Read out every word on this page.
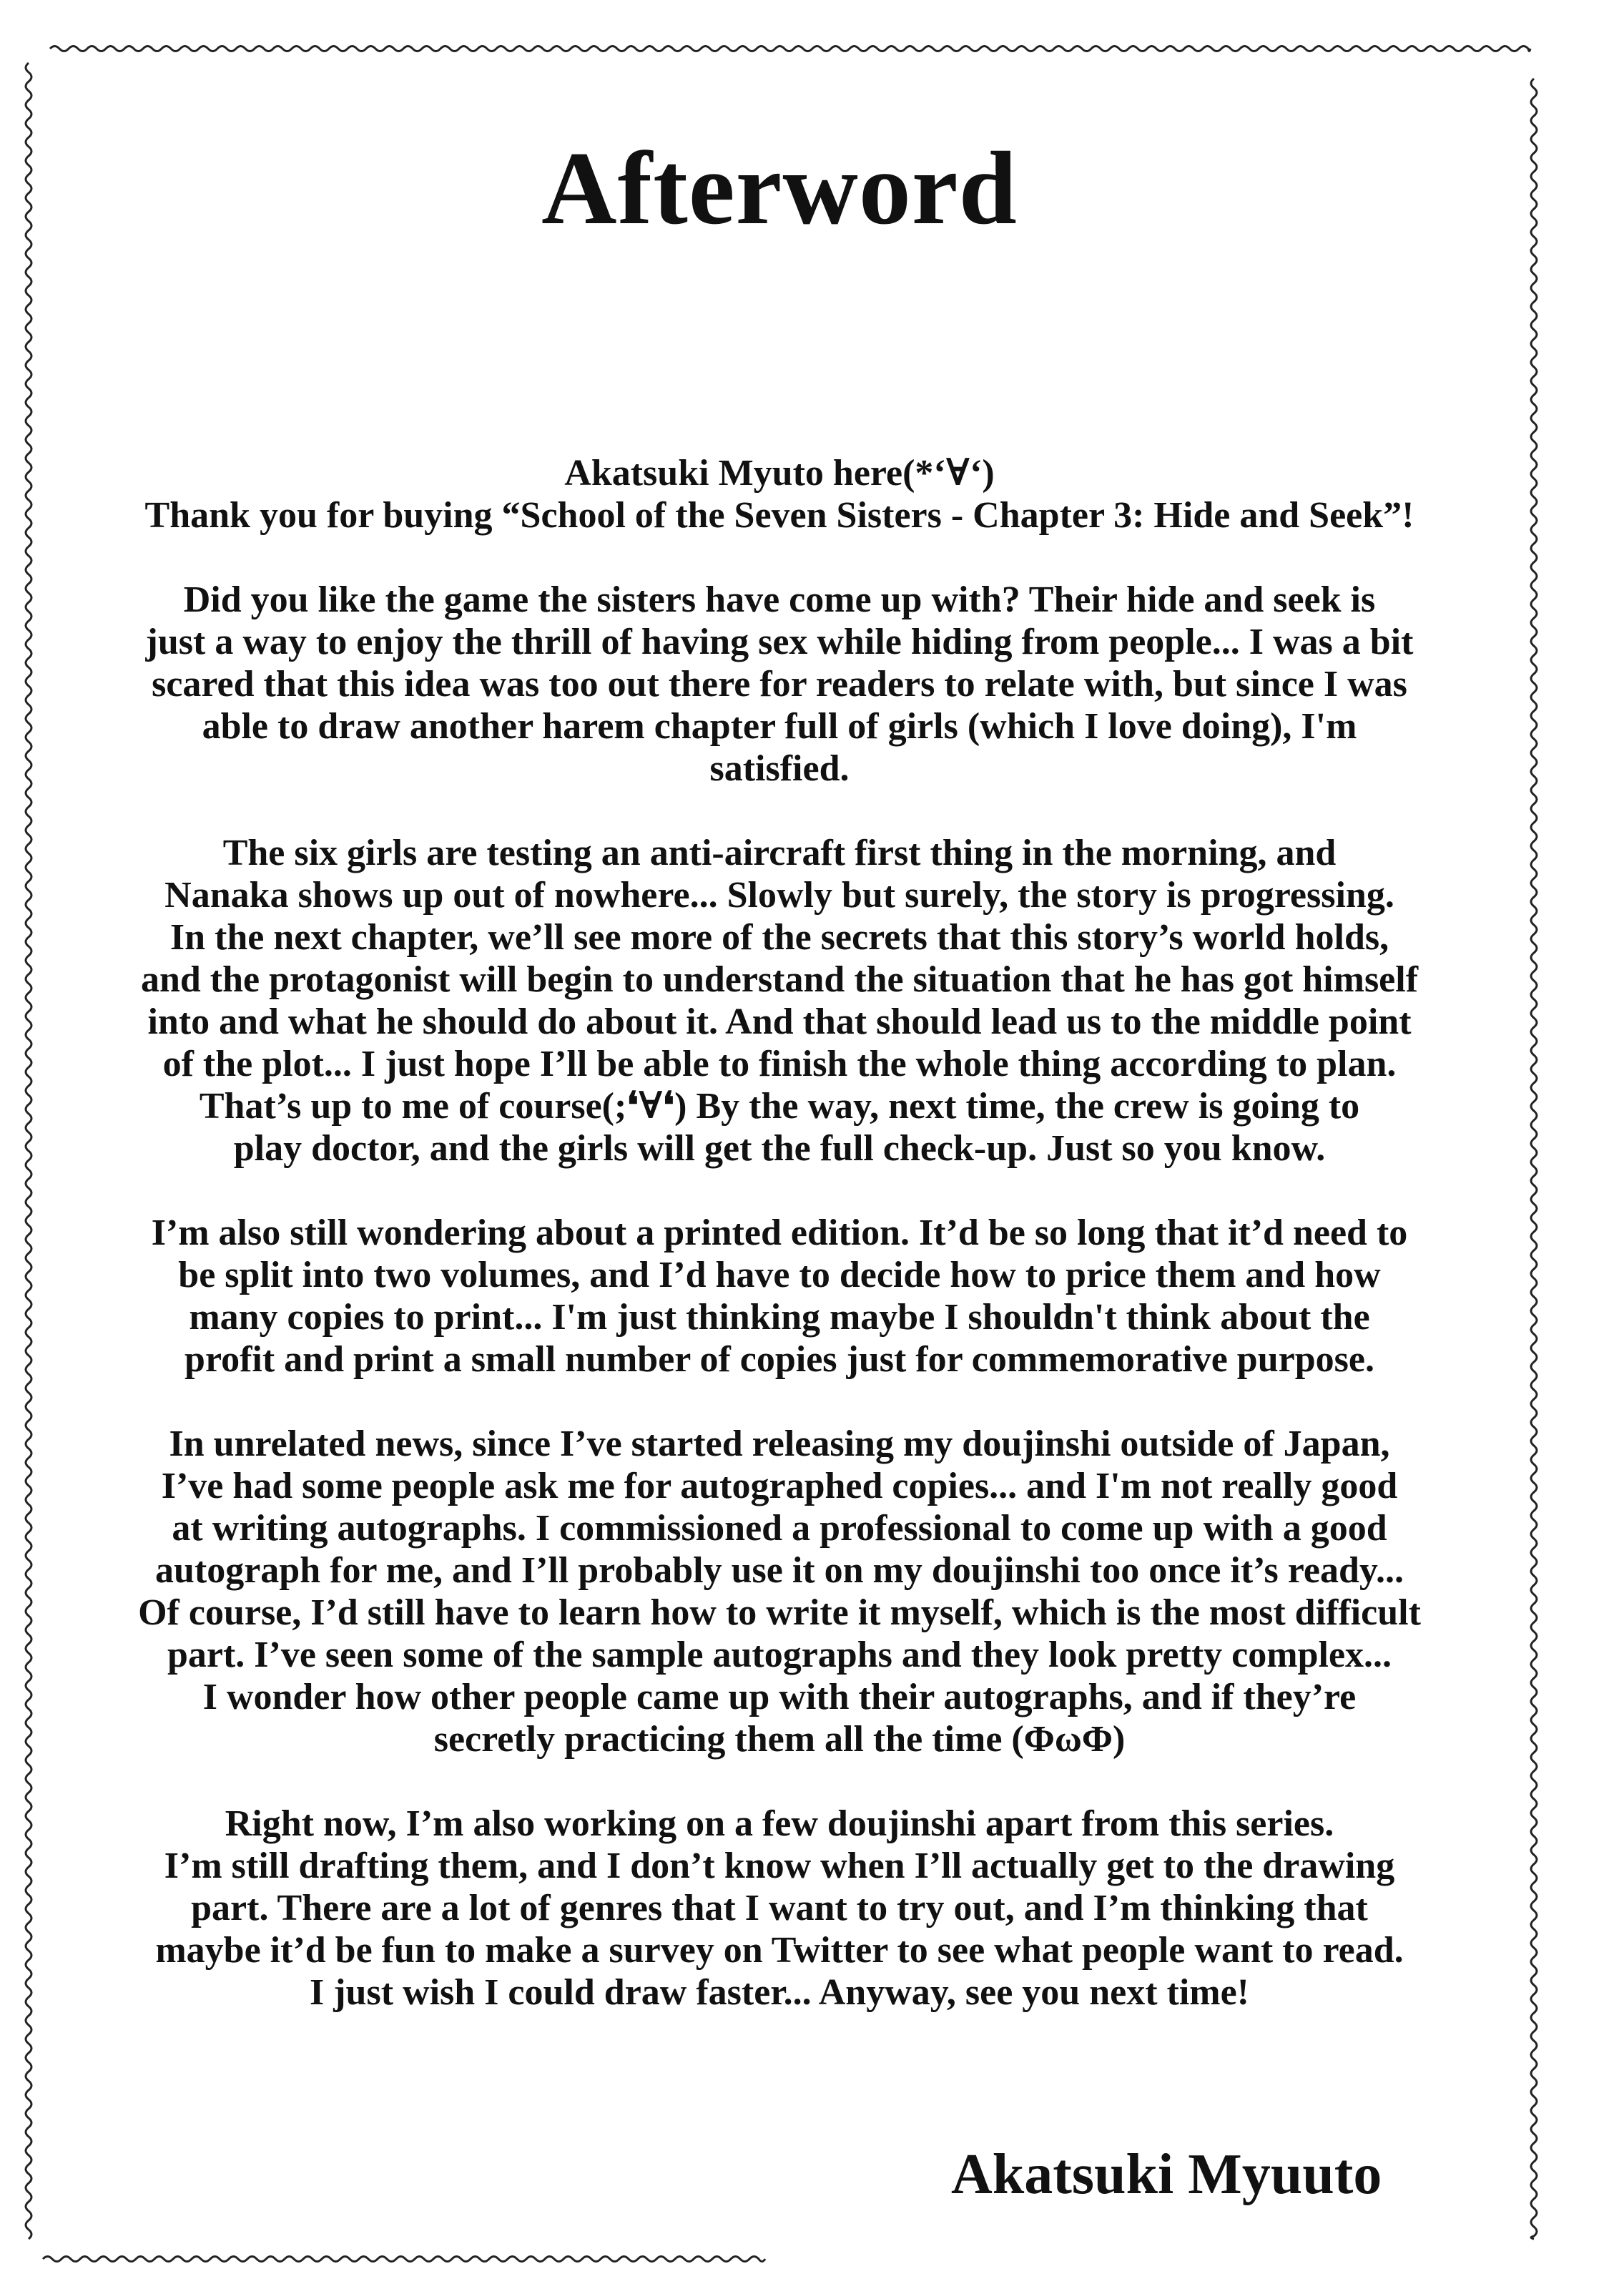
Afterword

Akatsuki Myuto here(*‘∀‘)
Thank you for buying “School of the Seven Sisters - Chapter 3: Hide and Seek”!

Did you like the game the sisters have come up with? Their hide and seek is
just a way to enjoy the thrill of having sex while hiding from people... I was a bit
scared that this idea was too out there for readers to relate with, but since I was
able to draw another harem chapter full of girls (which I love doing), I'm
satisfied.

The six girls are testing an anti-aircraft first thing in the morning, and
Nanaka shows up out of nowhere... Slowly but surely, the story is progressing.
In the next chapter, we’ll see more of the secrets that this story’s world holds,
and the protagonist will begin to understand the situation that he has got himself
into and what he should do about it. And that should lead us to the middle point
of the plot... I just hope I’ll be able to finish the whole thing according to plan.
That’s up to me of course(;❛∀❛) By the way, next time, the crew is going to
play doctor, and the girls will get the full check-up. Just so you know.

I’m also still wondering about a printed edition. It’d be so long that it’d need to
be split into two volumes, and I’d have to decide how to price them and how
many copies to print... I'm just thinking maybe I shouldn't think about the
profit and print a small number of copies just for commemorative purpose.

In unrelated news, since I’ve started releasing my doujinshi outside of Japan,
I’ve had some people ask me for autographed copies... and I'm not really good
at writing autographs. I commissioned a professional to come up with a good
autograph for me, and I’ll probably use it on my doujinshi too once it’s ready...
Of course, I’d still have to learn how to write it myself, which is the most difficult
part. I’ve seen some of the sample autographs and they look pretty complex...
I wonder how other people came up with their autographs, and if they’re
secretly practicing them all the time (ΦωΦ)

Right now, I’m also working on a few doujinshi apart from this series.
I’m still drafting them, and I don’t know when I’ll actually get to the drawing
part. There are a lot of genres that I want to try out, and I’m thinking that
maybe it’d be fun to make a survey on Twitter to see what people want to read.
I just wish I could draw faster... Anyway, see you next time!

Akatsuki Myuuto
